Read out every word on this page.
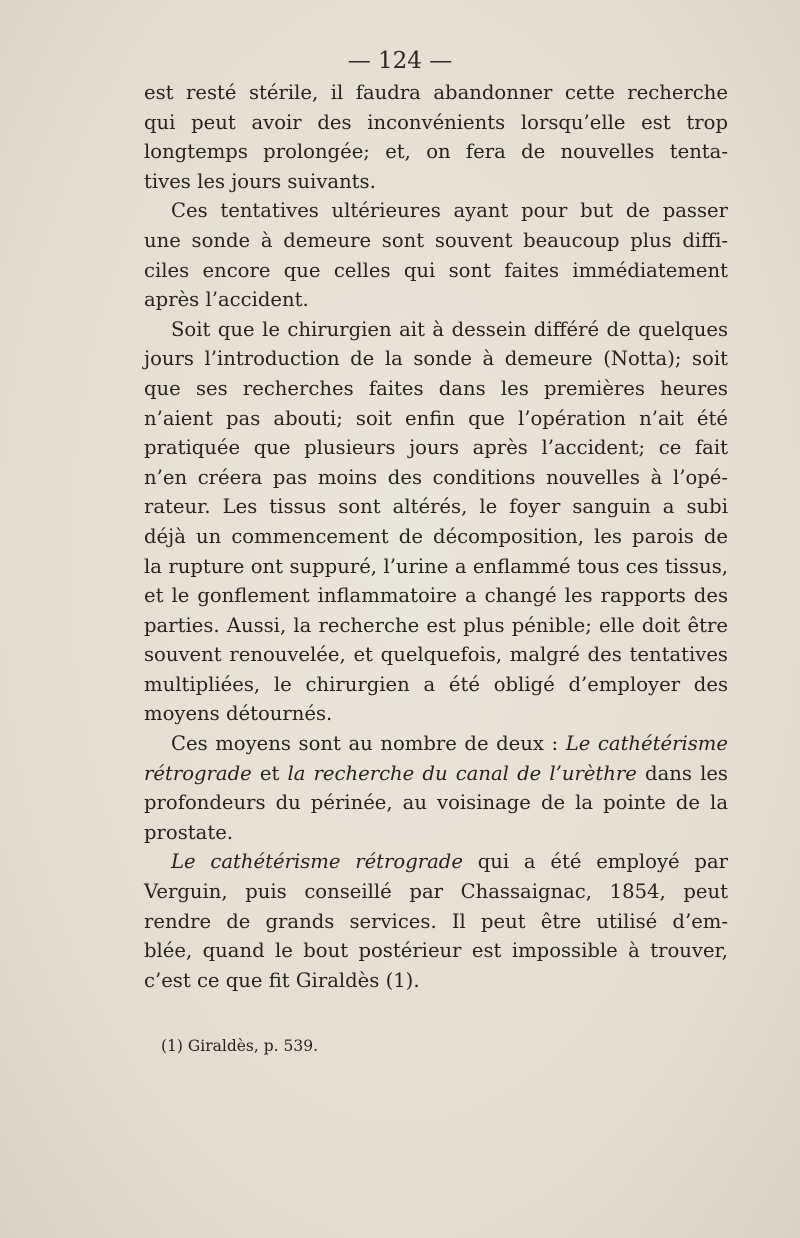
— 124 —
est resté stérile, il faudra abandonner cette recherche
qui peut avoir des inconvénients lorsqu’elle est trop
longtemps prolongée; et, on fera de nouvelles tenta-
tives les jours suivants.
Ces tentatives ultérieures ayant pour but de passer
une sonde à demeure sont souvent beaucoup plus diffi-
ciles encore que celles qui sont faites immédiatement
après l’accident.
Soit que le chirurgien ait à dessein différé de quelques
jours l’introduction de la sonde à demeure (Notta); soit
que ses recherches faites dans les premières heures
n’aient pas abouti; soit enfin que l’opération n’ait été
pratiquée que plusieurs jours après l’accident; ce fait
n’en créera pas moins des conditions nouvelles à l’opé-
rateur. Les tissus sont altérés, le foyer sanguin a subi
déjà un commencement de décomposition, les parois de
la rupture ont suppuré, l’urine a enflammé tous ces tissus,
et le gonflement inflammatoire a changé les rapports des
parties. Aussi, la recherche est plus pénible; elle doit être
souvent renouvelée, et quelquefois, malgré des tentatives
multipliées, le chirurgien a été obligé d’employer des
moyens détournés.
Ces moyens sont au nombre de deux : Le cathétérisme
rétrograde et la recherche du canal de l’urèthre dans les
profondeurs du périnée, au voisinage de la pointe de la
prostate.
Le cathétérisme rétrograde qui a été employé par
Verguin, puis conseillé par Chassaignac, 1854, peut
rendre de grands services. Il peut être utilisé d’em-
blée, quand le bout postérieur est impossible à trouver,
c’est ce que fit Giraldès (1).
(1) Giraldès, p. 539.
